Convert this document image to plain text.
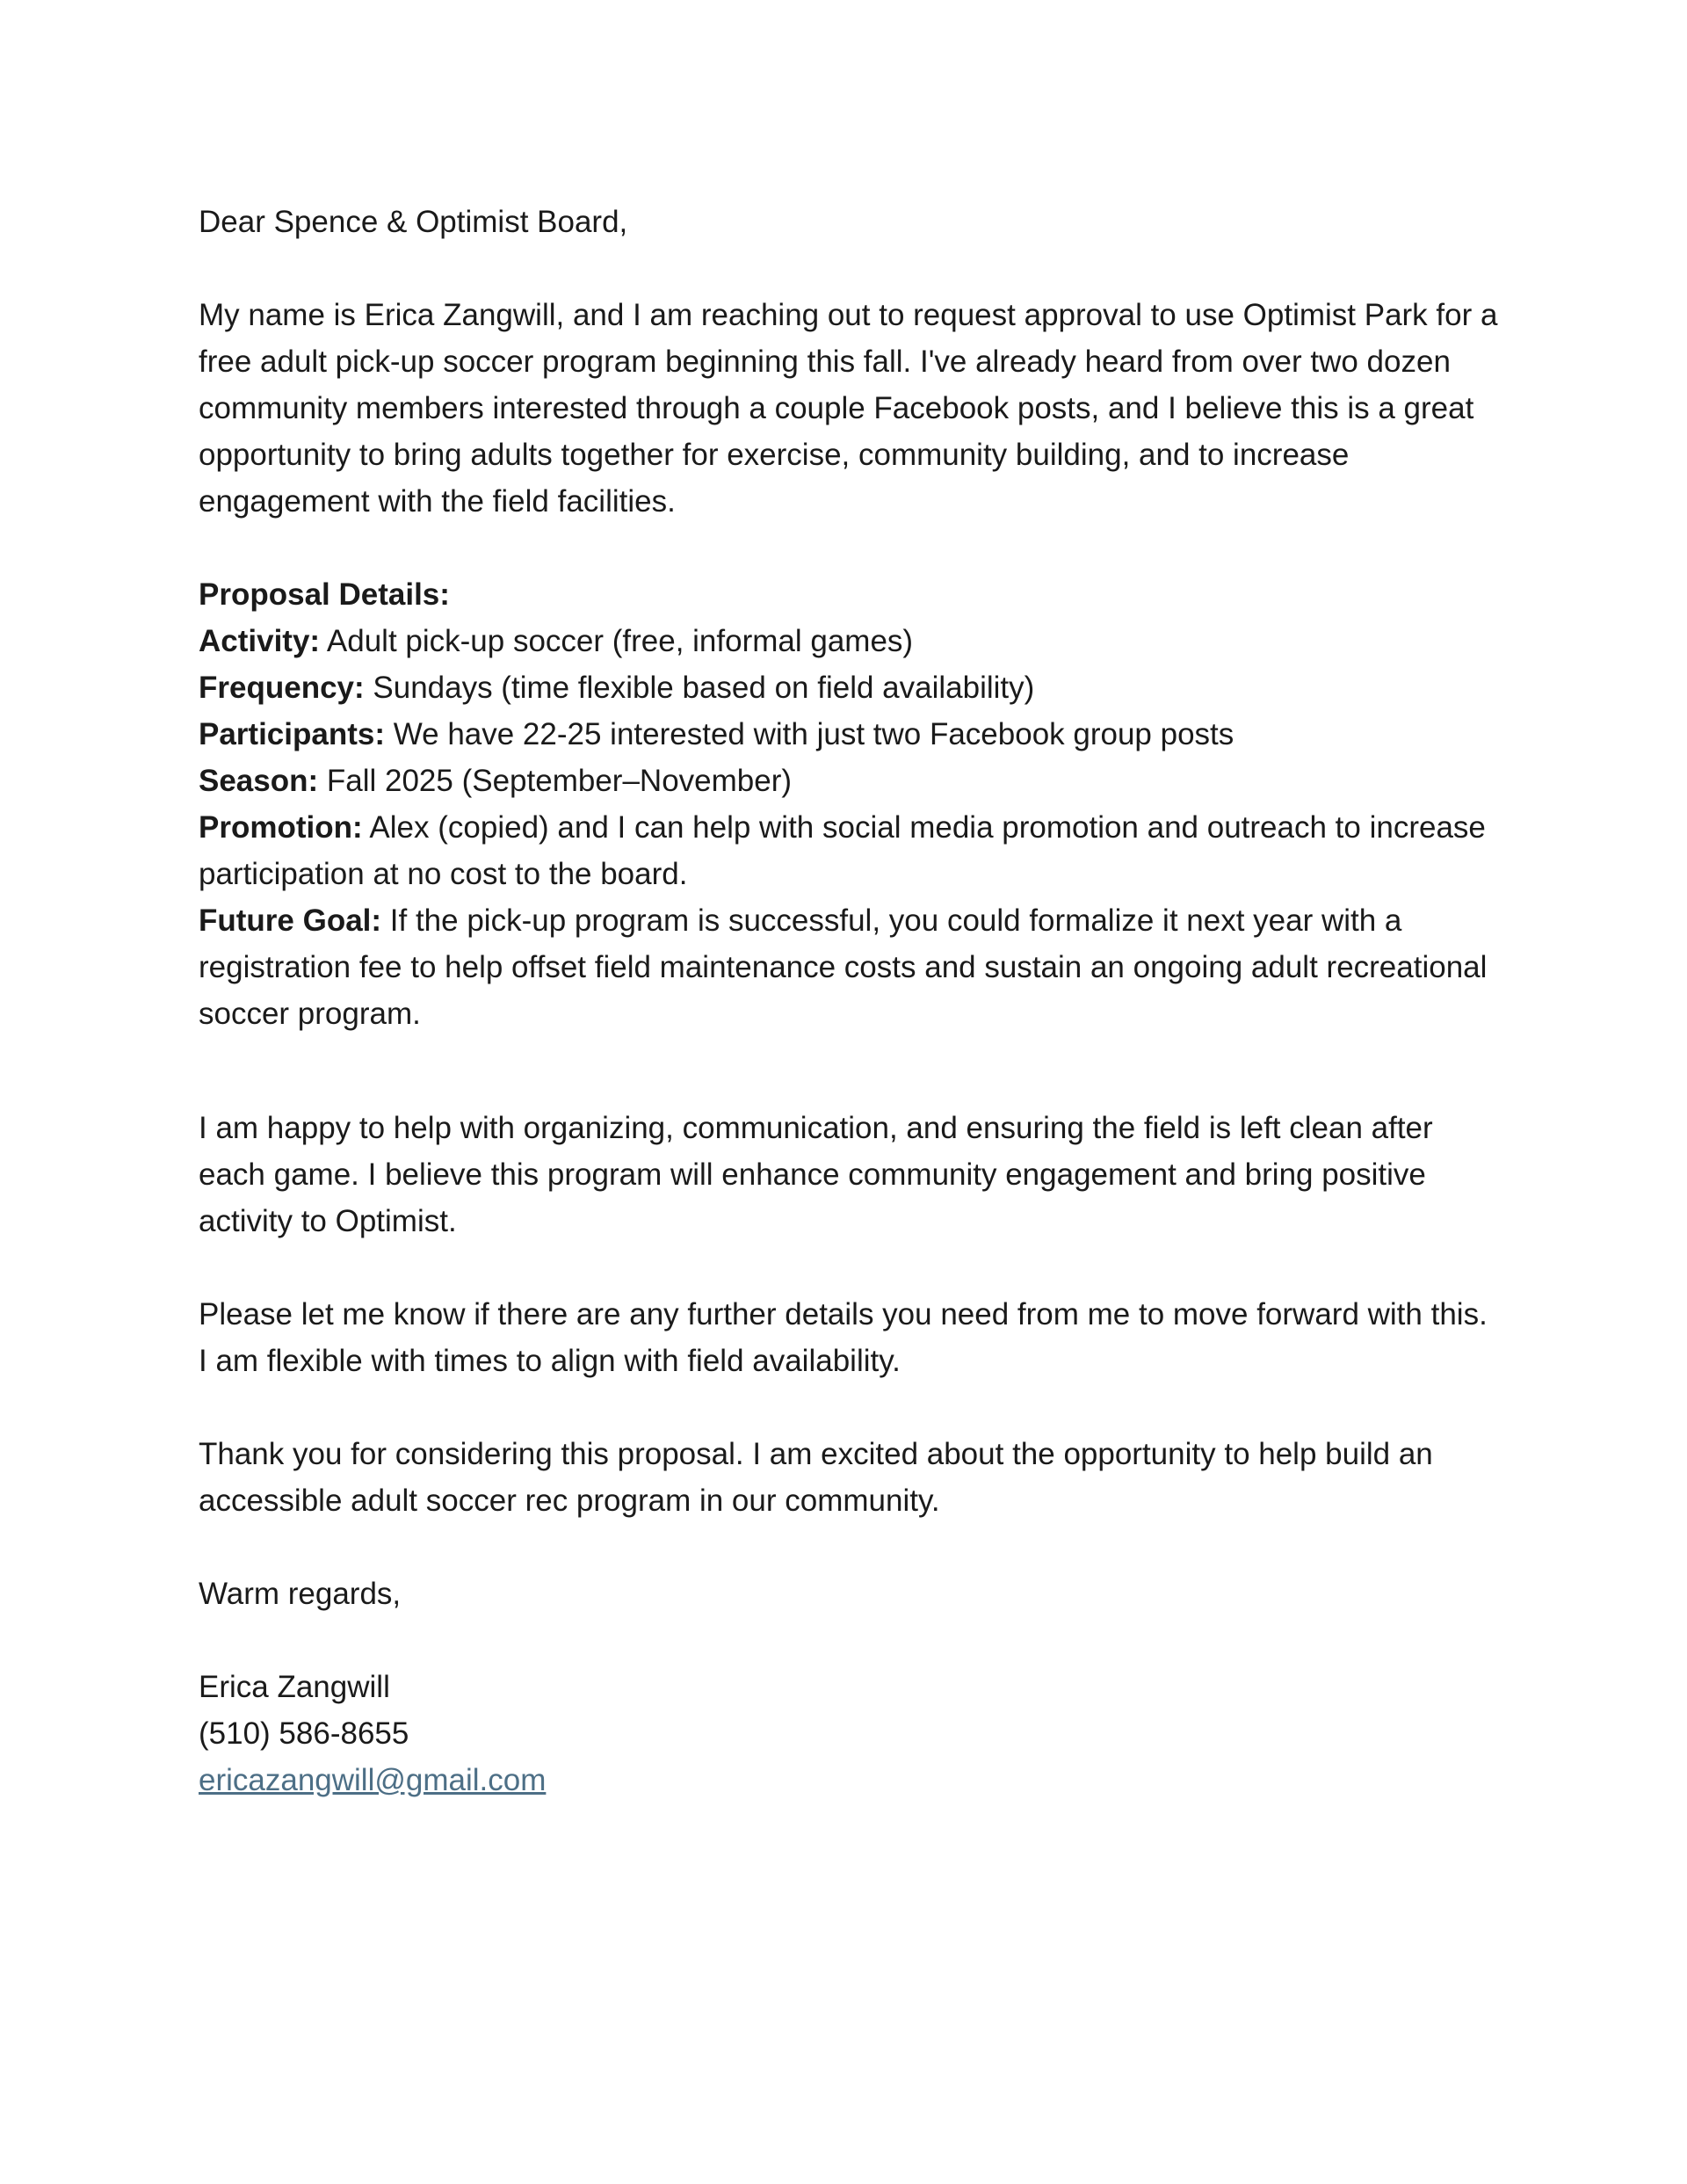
Dear Spence & Optimist Board,

My name is Erica Zangwill, and I am reaching out to request approval to use Optimist Park for a free adult pick-up soccer program beginning this fall. I've already heard from over two dozen community members interested through a couple Facebook posts, and I believe this is a great opportunity to bring adults together for exercise, community building, and to increase engagement with the field facilities.

Proposal Details:

Activity: Adult pick-up soccer (free, informal games)

Frequency: Sundays (time flexible based on field availability)

Participants: We have 22-25 interested with just two Facebook group posts

Season: Fall 2025 (September–November)

Promotion: Alex (copied) and I can help with social media promotion and outreach to increase participation at no cost to the board.

Future Goal: If the pick-up program is successful, you could formalize it next year with a registration fee to help offset field maintenance costs and sustain an ongoing adult recreational soccer program.

I am happy to help with organizing, communication, and ensuring the field is left clean after each game. I believe this program will enhance community engagement and bring positive activity to Optimist.

Please let me know if there are any further details you need from me to move forward with this. I am flexible with times to align with field availability.

Thank you for considering this proposal. I am excited about the opportunity to help build an accessible adult soccer rec program in our community.

Warm regards,

Erica Zangwill

(510) 586-8655

ericazangwill@gmail.com
